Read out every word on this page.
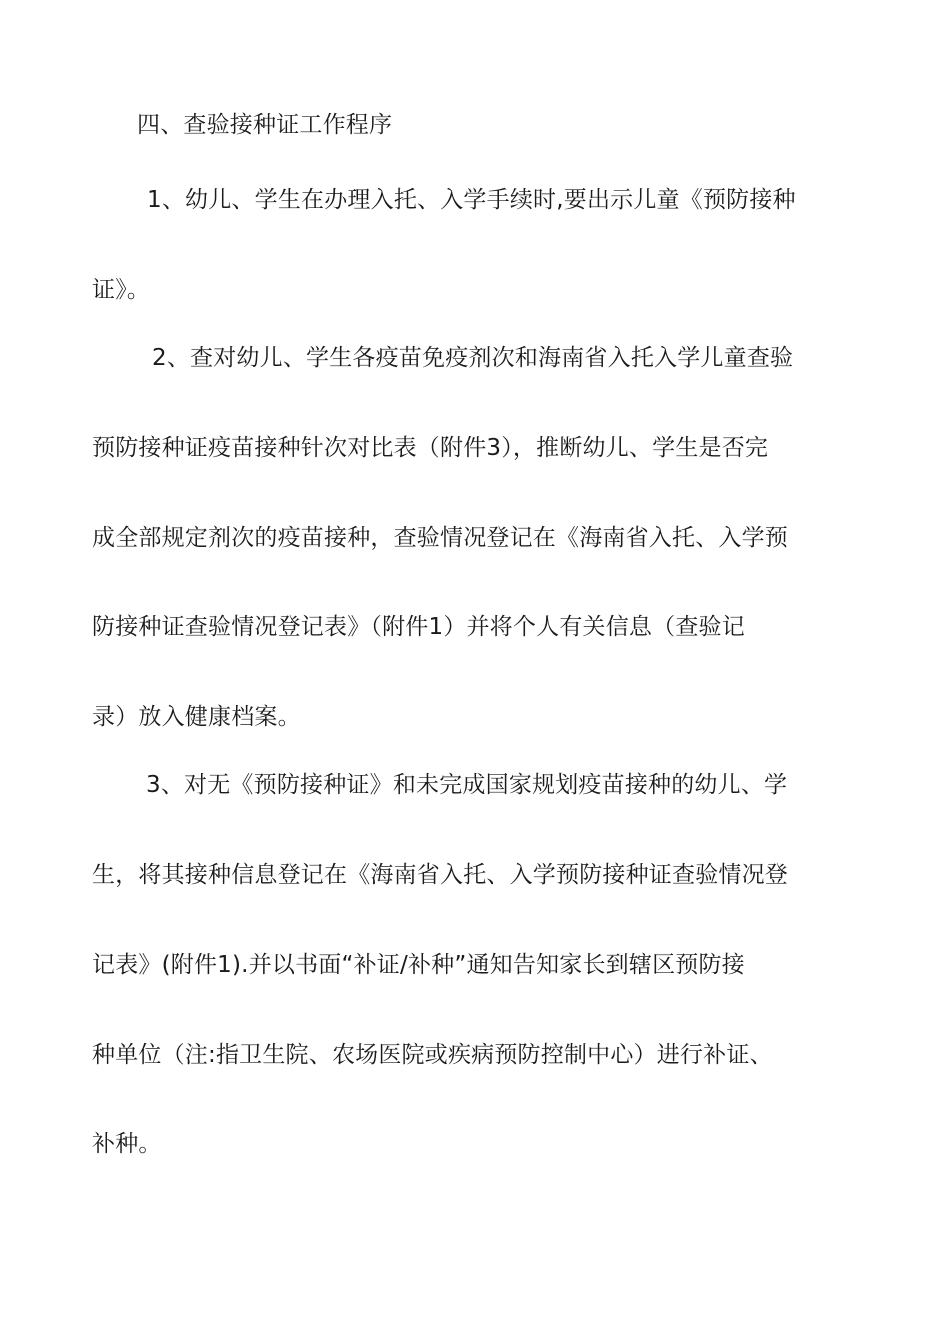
四、查验接种证工作程序
1、幼儿、学生在办理入托、入学手续时,要出示儿童《预防接种
证》。
2、查对幼儿、学生各疫苗免疫剂次和海南省入托入学儿童查验
预防接种证疫苗接种针次对比表（附件3），推断幼儿、学生是否完
成全部规定剂次的疫苗接种，查验情况登记在《海南省入托、入学预
防接种证查验情况登记表》（附件1）并将个人有关信息（查验记
录）放入健康档案。
3、对无《预防接种证》和未完成国家规划疫苗接种的幼儿、学
生，将其接种信息登记在《海南省入托、入学预防接种证查验情况登
记表》(附件1).并以书面“补证/补种”通知告知家长到辖区预防接
种单位（注:指卫生院、农场医院或疾病预防控制中心）进行补证、
补种。
